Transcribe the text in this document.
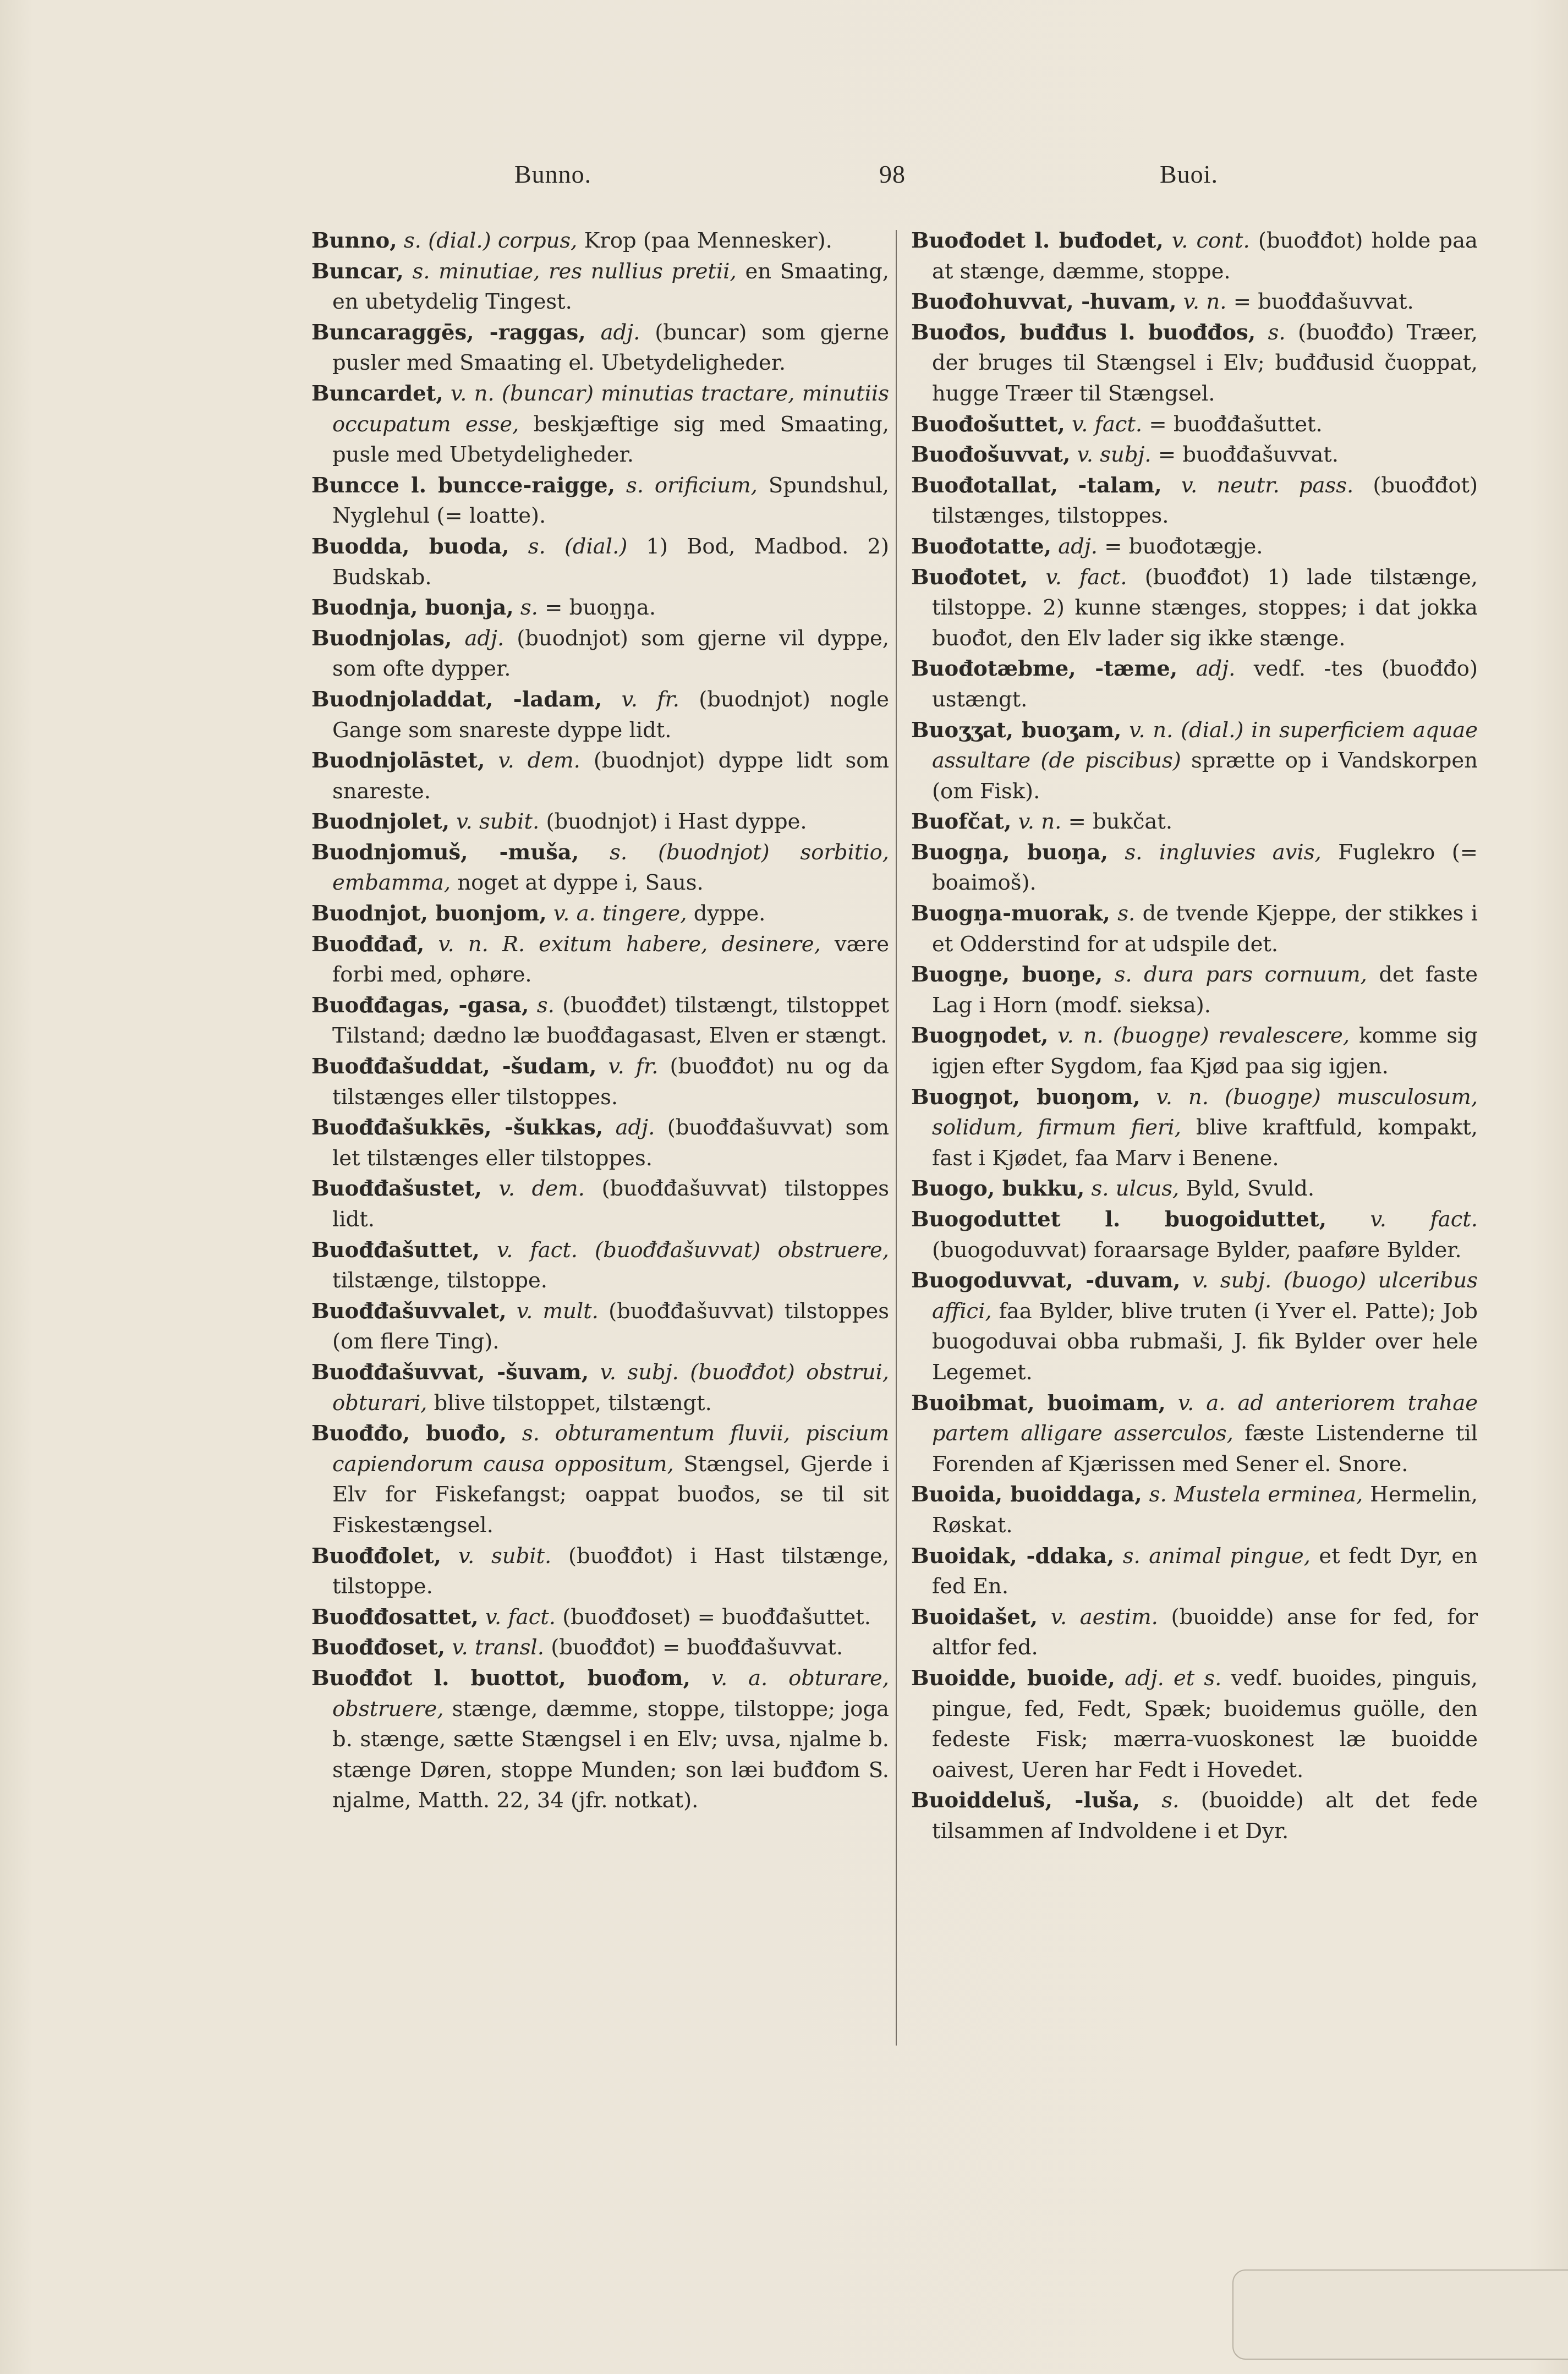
Bunno.	98	Buoi.

Bunno, s. (dial.) corpus, Krop (paa Mennesker).

Buncar, s. minutiae, res nullius pretii, en Smaating, en ubetydelig Tingest.

Buncaraggēs, -raggas, adj. (buncar) som gjerne pusler med Smaating el. Ubetydeligheder.

Buncardet, v. n. (buncar) minutias tractare, minutiis occupatum esse, beskjæftige sig med Smaating, pusle med Ubetydeligheder.

Buncce l. buncce-raigge, s. orificium, Spundshul, Nyglehul (= loatte).

Buodda, buoda, s. (dial.) 1) Bod, Madbod. 2) Budskab.

Buodnja, buonja, s. = buoŋŋa.

Buodnjolas, adj. (buodnjot) som gjerne vil dyppe, som ofte dypper.

Buodnjoladdat, -ladam, v. fr. (buodnjot) nogle Gange som snareste dyppe lidt.

Buodnjolāstet, v. dem. (buodnjot) dyppe lidt som snareste.

Buodnjolet, v. subit. (buodnjot) i Hast dyppe.

Buodnjomuš, -muša, s. (buodnjot) sorbitio, embamma, noget at dyppe i, Saus.

Buodnjot, buonjom, v. a. tingere, dyppe.

Buođđađ, v. n. R. exitum habere, desinere, være forbi med, ophøre.

Buođđagas, -gasa, s. (buođđet) tilstængt, tilstoppet Tilstand; dædno læ buođđagasast, Elven er stængt.

Buođđašuddat, -šudam, v. fr. (buođđot) nu og da tilstænges eller tilstoppes.

Buođđašukkēs, -šukkas, adj. (buođđašuvvat) som let tilstænges eller tilstoppes.

Buođđašustet, v. dem. (buođđašuvvat) tilstoppes lidt.

Buođđašuttet, v. fact. (buođđašuvvat) obstruere, tilstænge, tilstoppe.

Buođđašuvvalet, v. mult. (buođđašuvvat) tilstoppes (om flere Ting).

Buođđašuvvat, -šuvam, v. subj. (buođđot) obstrui, obturari, blive tilstoppet, tilstængt.

Buođđo, buođo, s. obturamentum fluvii, piscium capiendorum causa oppositum, Stængsel, Gjerde i Elv for Fiskefangst; oappat buođos, se til sit Fiskestængsel.

Buođđolet, v. subit. (buođđot) i Hast tilstænge, tilstoppe.

Buođđosattet, v. fact. (buođđoset) = buođđašuttet.

Buođđoset, v. transl. (buođđot) = buođđašuvvat.

Buođđot l. buottot, buođom, v. a. obturare, obstruere, stænge, dæmme, stoppe, tilstoppe; joga b. stænge, sætte Stængsel i en Elv; uvsa, njalme b. stænge Døren, stoppe Munden; son læi buđđom S. njalme, Matth. 22, 34 (jfr. notkat).

Buođodet l. buđodet, v. cont. (buođđot) holde paa at stænge, dæmme, stoppe.

Buođohuvvat, -huvam, v. n. = buođđašuvvat.

Buođos, buđđus l. buođđos, s. (buođđo) Træer, der bruges til Stængsel i Elv; buđđusid čuoppat, hugge Træer til Stængsel.

Buođošuttet, v. fact. = buođđašuttet.

Buođošuvvat, v. subj. = buođđašuvvat.

Buođotallat, -talam, v. neutr. pass. (buođđot) tilstænges, tilstoppes.

Buođotatte, adj. = buođotægje.

Buođotet, v. fact. (buođđot) 1) lade tilstænge, tilstoppe. 2) kunne stænges, stoppes; i dat jokka buođot, den Elv lader sig ikke stænge.

Buođotæbme, -tæme, adj. vedf. -tes (buođđo) ustængt.

Buoʒʒat, buoʒam, v. n. (dial.) in superficiem aquae assultare (de piscibus) sprætte op i Vandskorpen (om Fisk).

Buofčat, v. n. = bukčat.

Buogŋa, buoŋa, s. ingluvies avis, Fuglekro (= boaimoš).

Buogŋa-muorak, s. de tvende Kjeppe, der stikkes i et Odderstind for at udspile det.

Buogŋe, buoŋe, s. dura pars cornuum, det faste Lag i Horn (modf. sieksa).

Buogŋodet, v. n. (buogŋe) revalescere, komme sig igjen efter Sygdom, faa Kjød paa sig igjen.

Buogŋot, buoŋom, v. n. (buogŋe) musculosum, solidum, firmum fieri, blive kraftfuld, kompakt, fast i Kjødet, faa Marv i Benene.

Buogo, bukku, s. ulcus, Byld, Svuld.

Buogoduttet l. buogoiduttet, v. fact. (buogoduvvat) foraarsage Bylder, paaføre Bylder.

Buogoduvvat, -duvam, v. subj. (buogo) ulceribus affici, faa Bylder, blive truten (i Yver el. Patte); Job buogoduvai obba rubmaši, J. fik Bylder over hele Legemet.

Buoibmat, buoimam, v. a. ad anteriorem trahae partem alligare asserculos, fæste Listenderne til Forenden af Kjærissen med Sener el. Snore.

Buoida, buoiddaga, s. Mustela erminea, Hermelin, Røskat.

Buoidak, -ddaka, s. animal pingue, et fedt Dyr, en fed En.

Buoidašet, v. aestim. (buoidde) anse for fed, for altfor fed.

Buoidde, buoide, adj. et s. vedf. buoides, pinguis, pingue, fed, Fedt, Spæk; buoidemus guölle, den fedeste Fisk; mærra-vuoskonest læ buoidde oaivest, Ueren har Fedt i Hovedet.

Buoiddeluš, -luša, s. (buoidde) alt det fede tilsammen af Indvoldene i et Dyr.
